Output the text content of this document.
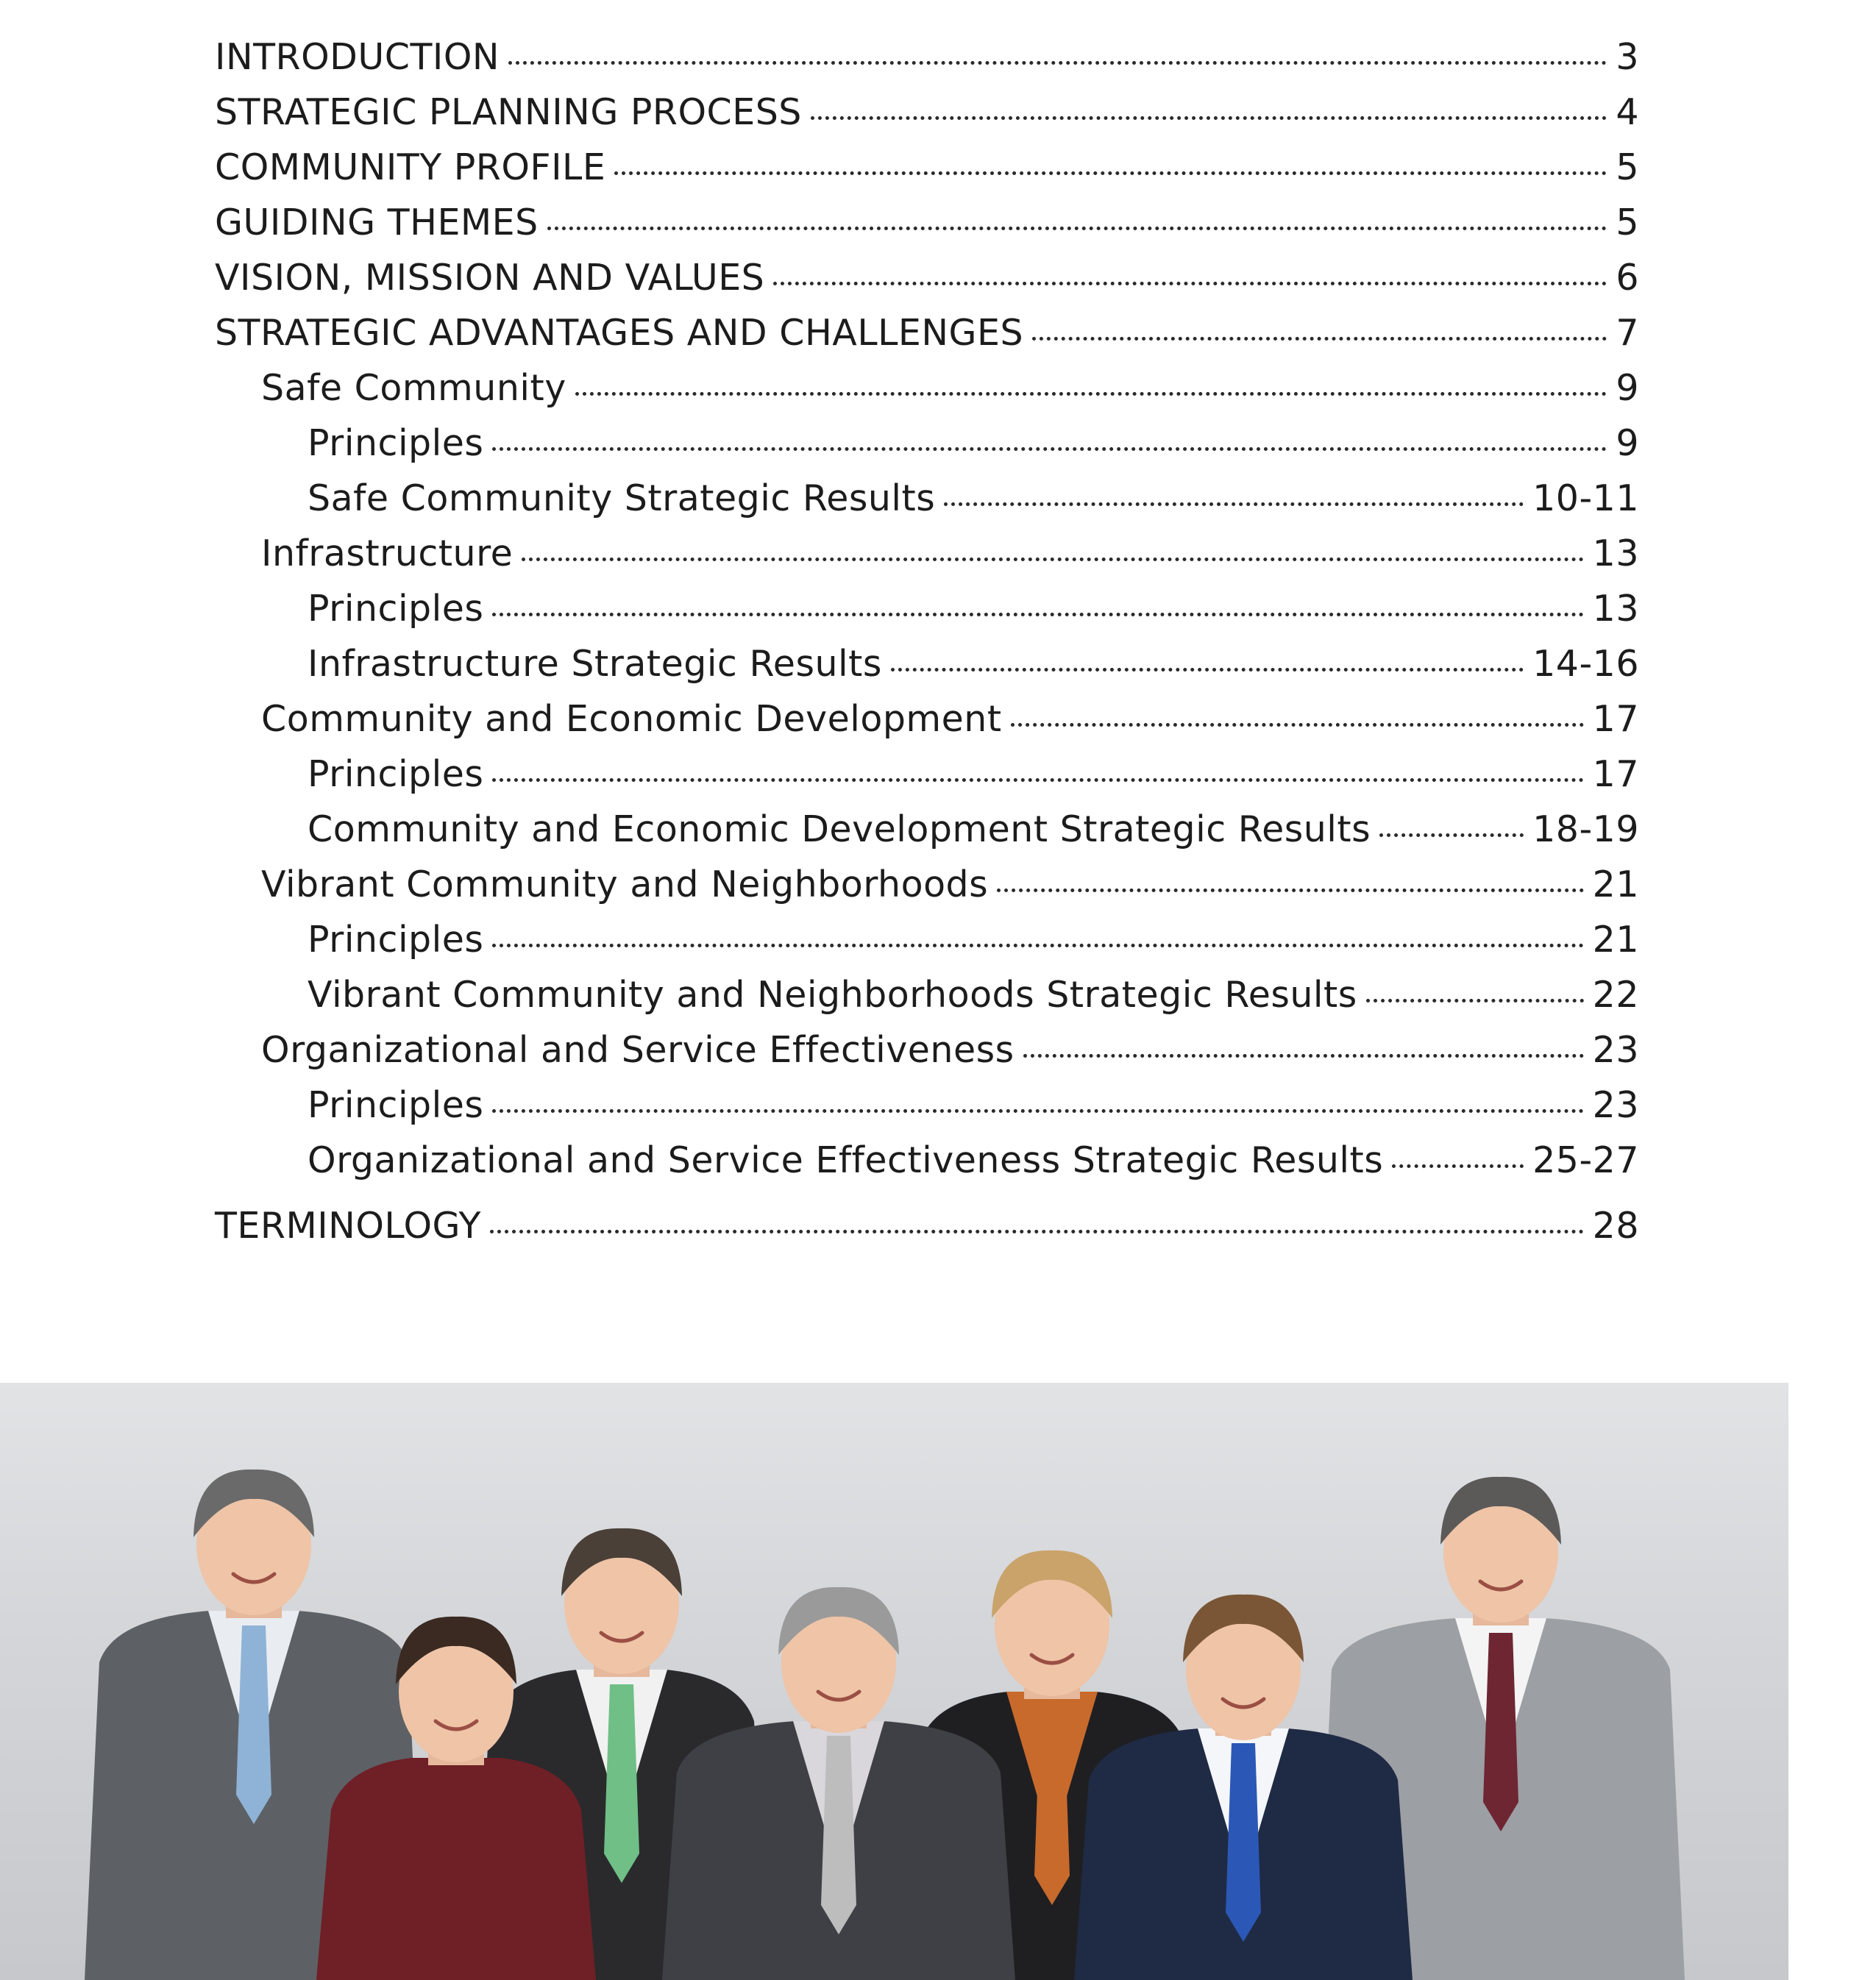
INTRODUCTION	3
STRATEGIC PLANNING PROCESS	4
COMMUNITY PROFILE	5
GUIDING THEMES	5
VISION, MISSION AND VALUES	6
STRATEGIC ADVANTAGES AND CHALLENGES	7
Safe Community	9
Principles	9
Safe Community Strategic Results	10-11
Infrastructure	13
Principles	13
Infrastructure Strategic Results	14-16
Community and Economic Development	17
Principles	17
Community and Economic Development Strategic Results	18-19
Vibrant Community and Neighborhoods	21
Principles	21
Vibrant Community and Neighborhoods Strategic Results	22
Organizational and Service Effectiveness	23
Principles	23
Organizational and Service Effectiveness Strategic Results	25-27
TERMINOLOGY	28
